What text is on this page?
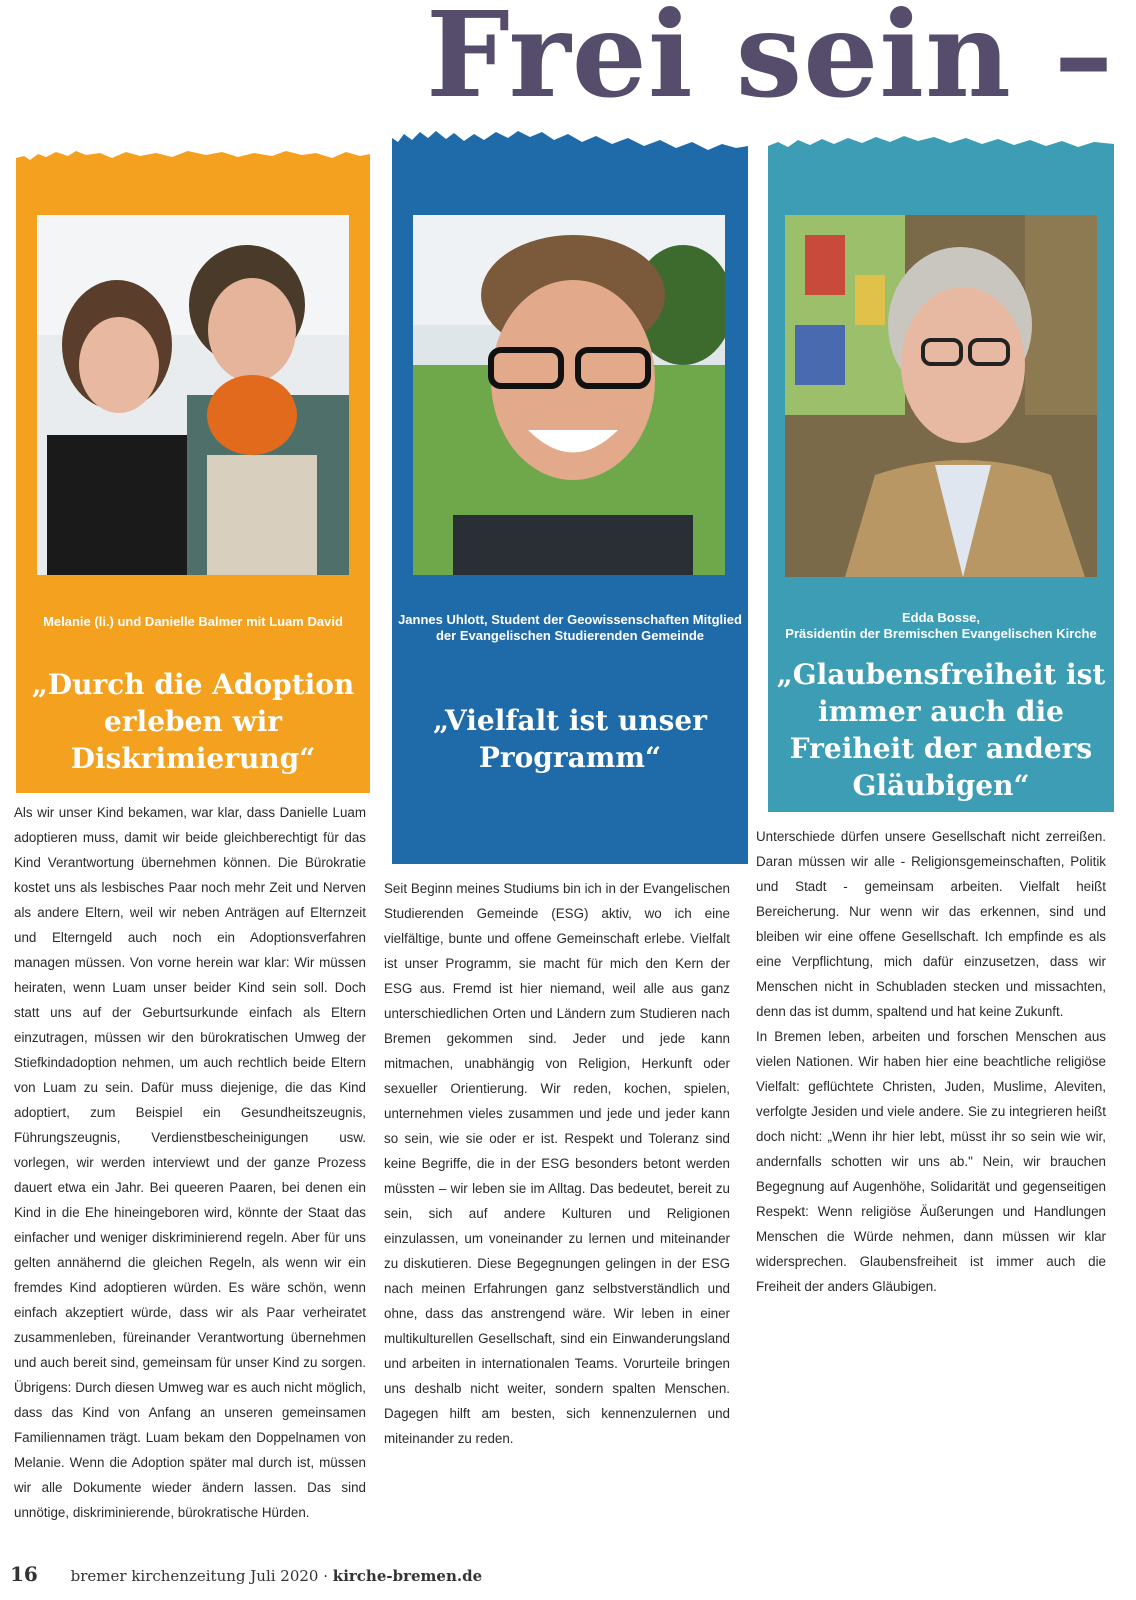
Frei sein –
Melanie (li.) und Danielle Balmer mit Luam David
„Durch die Adoption erleben wir Diskrimierung“
Jannes Uhlott, Student der Geowissenschaften Mitglied der Evangelischen Studierenden Gemeinde
„Vielfalt ist unser Programm“
Edda Bosse,
Präsidentin der Bremischen Evangelischen Kirche
„Glaubensfreiheit ist immer auch die Freiheit der anders Gläubigen“

Als wir unser Kind bekamen, war klar, dass Danielle Luam adoptieren muss, damit wir beide gleichberechtigt für das Kind Verantwortung übernehmen können. Die Bürokratie kostet uns als lesbisches Paar noch mehr Zeit und Nerven als andere Eltern, weil wir neben Anträgen auf Elternzeit und Elterngeld auch noch ein Adoptionsverfahren managen müssen. Von vorne herein war klar: Wir müssen heiraten, wenn Luam unser beider Kind sein soll. Doch statt uns auf der Geburtsurkunde einfach als Eltern einzutragen, müssen wir den bürokratischen Umweg der Stiefkindadoption nehmen, um auch rechtlich beide Eltern von Luam zu sein. Dafür muss diejenige, die das Kind adoptiert, zum Beispiel ein Gesundheitszeugnis, Führungszeugnis, Verdienstbescheinigungen usw. vorlegen, wir werden interviewt und der ganze Prozess dauert etwa ein Jahr. Bei queeren Paaren, bei denen ein Kind in die Ehe hineingeboren wird, könnte der Staat das einfacher und weniger diskriminierend regeln. Aber für uns gelten annähernd die gleichen Regeln, als wenn wir ein fremdes Kind adoptieren würden. Es wäre schön, wenn einfach akzeptiert würde, dass wir als Paar verheiratet zusammenleben, füreinander Verantwortung übernehmen und auch bereit sind, gemeinsam für unser Kind zu sorgen. Übrigens: Durch diesen Umweg war es auch nicht möglich, dass das Kind von Anfang an unseren gemeinsamen Familiennamen trägt. Luam bekam den Doppelnamen von Melanie. Wenn die Adoption später mal durch ist, müssen wir alle Dokumente wieder ändern lassen. Das sind unnötige, diskriminierende, bürokratische Hürden.

Seit Beginn meines Studiums bin ich in der Evangelischen Studierenden Gemeinde (ESG) aktiv, wo ich eine vielfältige, bunte und offene Gemeinschaft erlebe. Vielfalt ist unser Programm, sie macht für mich den Kern der ESG aus. Fremd ist hier niemand, weil alle aus ganz unterschiedlichen Orten und Ländern zum Studieren nach Bremen gekommen sind. Jeder und jede kann mitmachen, unabhängig von Religion, Herkunft oder sexueller Orientierung. Wir reden, kochen, spielen, unternehmen vieles zusammen und jede und jeder kann so sein, wie sie oder er ist. Respekt und Toleranz sind keine Begriffe, die in der ESG besonders betont werden müssten – wir leben sie im Alltag. Das bedeutet, bereit zu sein, sich auf andere Kulturen und Religionen einzulassen, um voneinander zu lernen und miteinander zu diskutieren. Diese Begegnungen gelingen in der ESG nach meinen Erfahrungen ganz selbstverständlich und ohne, dass das anstrengend wäre. Wir leben in einer multikulturellen Gesellschaft, sind ein Einwanderungsland und arbeiten in internationalen Teams. Vorurteile bringen uns deshalb nicht weiter, sondern spalten Menschen. Dagegen hilft am besten, sich kennenzulernen und miteinander zu reden.

Unterschiede dürfen unsere Gesellschaft nicht zerreißen. Daran müssen wir alle - Religionsgemeinschaften, Politik und Stadt - gemeinsam arbeiten. Vielfalt heißt Bereicherung. Nur wenn wir das erkennen, sind und bleiben wir eine offene Gesellschaft. Ich empfinde es als eine Verpflichtung, mich dafür einzusetzen, dass wir Menschen nicht in Schubladen stecken und missachten, denn das ist dumm, spaltend und hat keine Zukunft.

In Bremen leben, arbeiten und forschen Menschen aus vielen Nationen. Wir haben hier eine beachtliche religiöse Vielfalt: geflüchtete Christen, Juden, Muslime, Aleviten, verfolgte Jesiden und viele andere. Sie zu integrieren heißt doch nicht: „Wenn ihr hier lebt, müsst ihr so sein wie wir, andernfalls schotten wir uns ab." Nein, wir brauchen Begegnung auf Augenhöhe, Solidarität und gegenseitigen Respekt: Wenn religiöse Äußerungen und Handlungen Menschen die Würde nehmen, dann müssen wir klar widersprechen. Glaubensfreiheit ist immer auch die Freiheit der anders Gläubigen.

16 bremer kirchenzeitung Juli 2020 · kirche-bremen.de
